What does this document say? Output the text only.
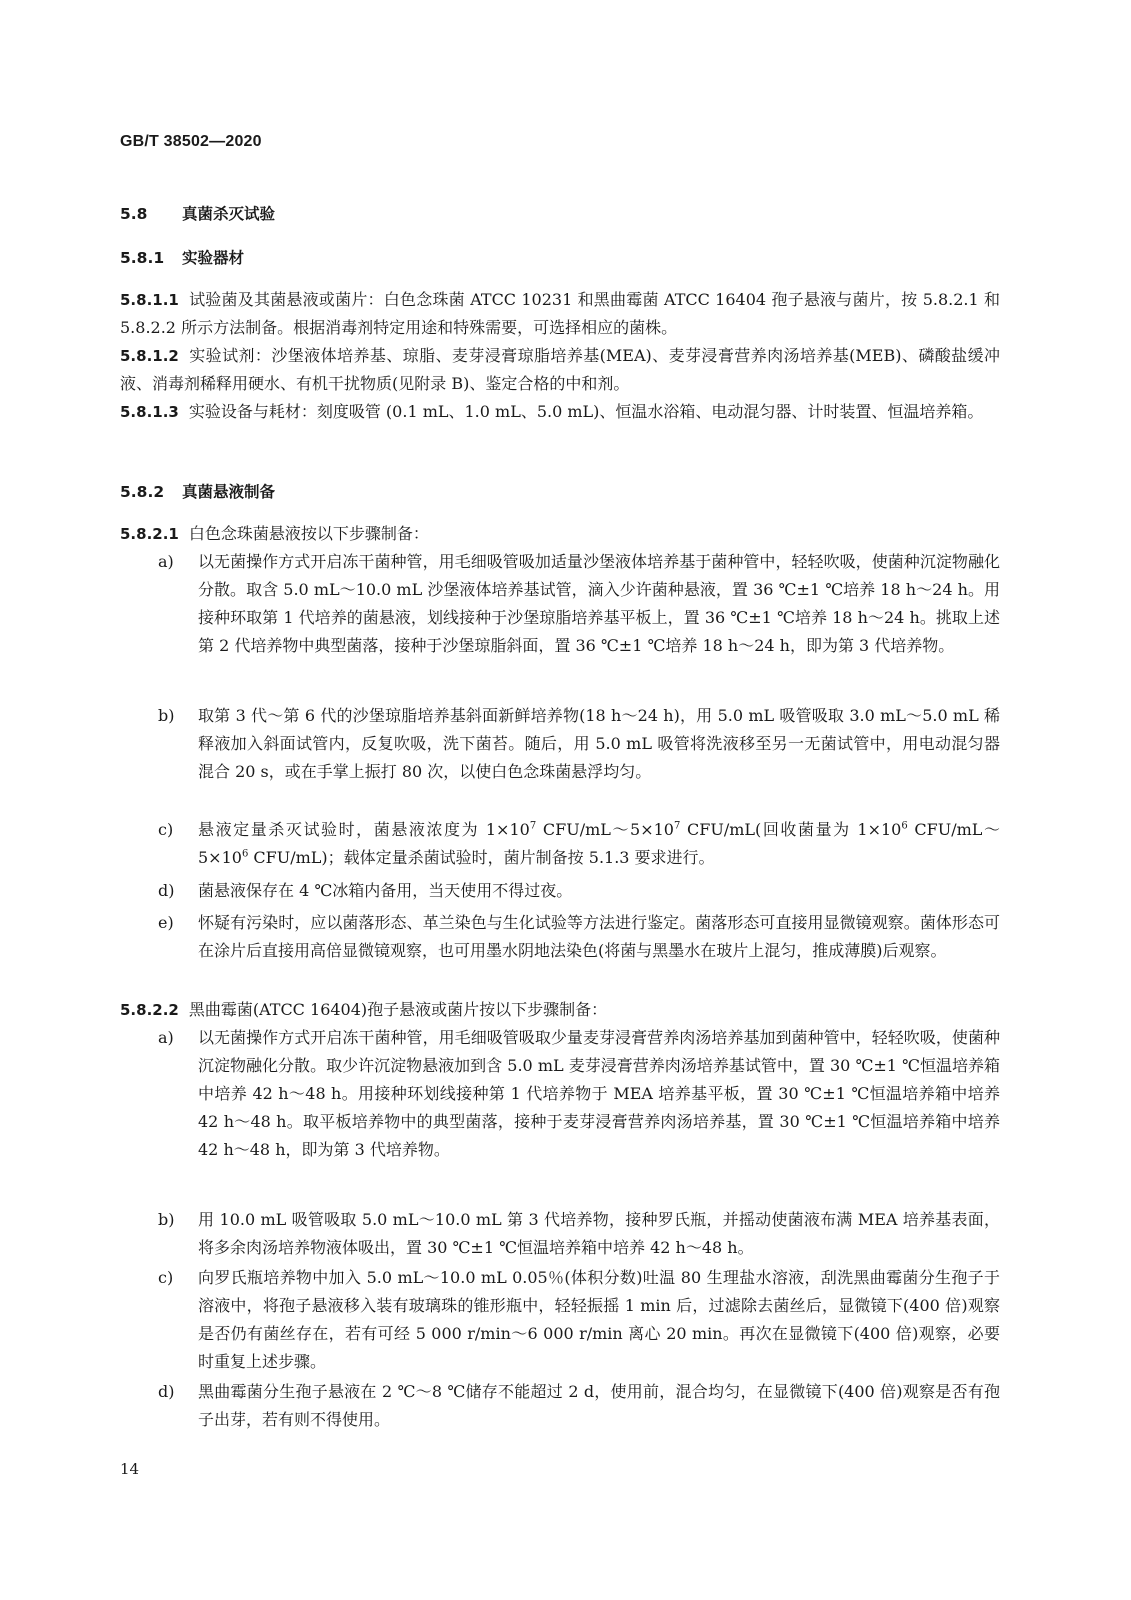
GB/T 38502—2020
5.8 真菌杀灭试验
5.8.1 实验器材
5.8.1.1 试验菌及其菌悬液或菌片：白色念珠菌 ATCC 10231 和黑曲霉菌 ATCC 16404 孢子悬液与菌片，按 5.8.2.1 和 5.8.2.2 所示方法制备。根据消毒剂特定用途和特殊需要，可选择相应的菌株。
5.8.1.2 实验试剂：沙堡液体培养基、琼脂、麦芽浸膏琼脂培养基(MEA)、麦芽浸膏营养肉汤培养基(MEB)、磷酸盐缓冲液、消毒剂稀释用硬水、有机干扰物质(见附录 B)、鉴定合格的中和剂。
5.8.1.3 实验设备与耗材：刻度吸管 (0.1 mL、1.0 mL、5.0 mL)、恒温水浴箱、电动混匀器、计时装置、恒温培养箱。
5.8.2 真菌悬液制备
5.8.2.1 白色念珠菌悬液按以下步骤制备：
a)	以无菌操作方式开启冻干菌种管，用毛细吸管吸加适量沙堡液体培养基于菌种管中，轻轻吹吸，使菌种沉淀物融化分散。取含 5.0 mL～10.0 mL 沙堡液体培养基试管，滴入少许菌种悬液，置 36 ℃±1 ℃培养 18 h～24 h。用接种环取第 1 代培养的菌悬液，划线接种于沙堡琼脂培养基平板上，置 36 ℃±1 ℃培养 18 h～24 h。挑取上述第 2 代培养物中典型菌落，接种于沙堡琼脂斜面，置 36 ℃±1 ℃培养 18 h～24 h，即为第 3 代培养物。
b)	取第 3 代～第 6 代的沙堡琼脂培养基斜面新鲜培养物(18 h～24 h)，用 5.0 mL 吸管吸取 3.0 mL～5.0 mL 稀释液加入斜面试管内，反复吹吸，洗下菌苔。随后，用 5.0 mL 吸管将洗液移至另一无菌试管中，用电动混匀器混合 20 s，或在手掌上振打 80 次，以使白色念珠菌悬浮均匀。
c)	悬液定量杀灭试验时，菌悬液浓度为 $1\times 10^7$ CFU/$mL\sim 5\times 10^7$ CFU/mL(回收菌量为 $1\times 10^6$ CFU/$mL\sim 5\times 10^6$ CFU/mL)；载体定量杀菌试验时，菌片制备按 5.1.3 要求进行。
d)	菌悬液保存在 4 ℃冰箱内备用，当天使用不得过夜。
e)	怀疑有污染时，应以菌落形态、革兰染色与生化试验等方法进行鉴定。菌落形态可直接用显微镜观察。菌体形态可在涂片后直接用高倍显微镜观察，也可用墨水阴地法染色(将菌与黑墨水在玻片上混匀，推成薄膜)后观察。
5.8.2.2 黑曲霉菌(ATCC 16404)孢子悬液或菌片按以下步骤制备：
a)	以无菌操作方式开启冻干菌种管，用毛细吸管吸取少量麦芽浸膏营养肉汤培养基加到菌种管中，轻轻吹吸，使菌种沉淀物融化分散。取少许沉淀物悬液加到含 5.0 mL 麦芽浸膏营养肉汤培养基试管中，置 30 ℃±1 ℃恒温培养箱中培养 42 h～48 h。用接种环划线接种第 1 代培养物于 MEA 培养基平板，置 30 ℃±1 ℃恒温培养箱中培养 42 h～48 h。取平板培养物中的典型菌落，接种于麦芽浸膏营养肉汤培养基，置 30 ℃±1 ℃恒温培养箱中培养 42 h～48 h，即为第 3 代培养物。
b)	用 10.0 mL 吸管吸取 5.0 mL～10.0 mL 第 3 代培养物，接种罗氏瓶，并摇动使菌液布满 MEA 培养基表面，将多余肉汤培养物液体吸出，置 30 ℃±1 ℃恒温培养箱中培养 42 h～48 h。
c)	向罗氏瓶培养物中加入 5.0 mL～10.0 mL 0.05％(体积分数)吐温 80 生理盐水溶液，刮洗黑曲霉菌分生孢子于溶液中，将孢子悬液移入装有玻璃珠的锥形瓶中，轻轻振摇 1 min 后，过滤除去菌丝后，显微镜下(400 倍)观察是否仍有菌丝存在，若有可经 5 000 r/min～6 000 r/min 离心 20 min。再次在显微镜下(400 倍)观察，必要时重复上述步骤。
d)	黑曲霉菌分生孢子悬液在 2 ℃～8 ℃储存不能超过 2 d，使用前，混合均匀，在显微镜下(400 倍)观察是否有孢子出芽，若有则不得使用。
14
